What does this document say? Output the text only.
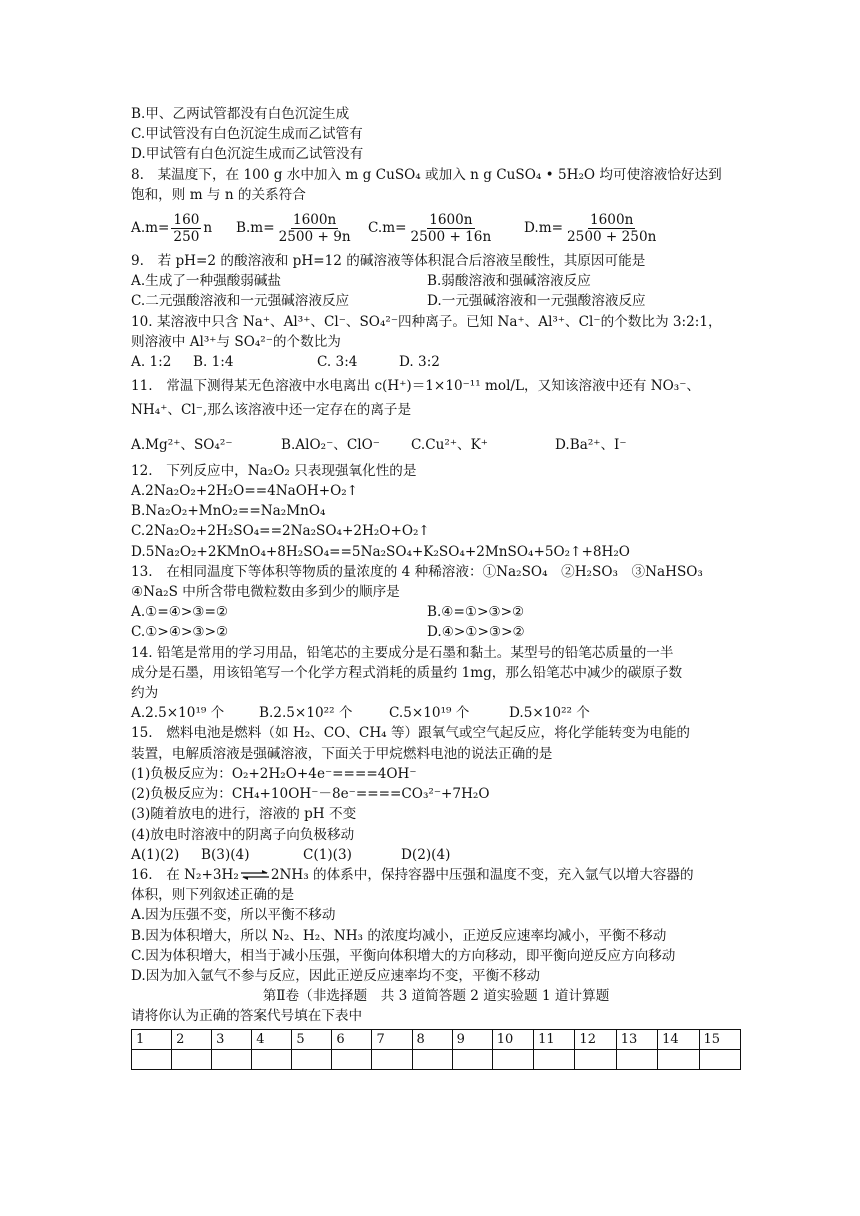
B.甲、乙两试管都没有白色沉淀生成
C.甲试管没有白色沉淀生成而乙试管有
D.甲试管有白色沉淀生成而乙试管没有
8.　某温度下，在 100 g 水中加入 m g CuSO₄ 或加入 n g CuSO₄ • 5H₂O 均可使溶液恰好达到
饱和，则 m 与 n 的关系符合
$A.m= \frac{160}{250}$ n $B.m= \frac{1600n}{2500 + 9n} C.m= \frac{1600n}{2500 + 16n} D.m= \frac{1600n}{2500 + 250n}$
9.　若 pH=2 的酸溶液和 pH=12 的碱溶液等体积混合后溶液呈酸性，其原因可能是
A.生成了一种强酸弱碱盐	B.弱酸溶液和强碱溶液反应
C.二元强酸溶液和一元强碱溶液反应	D.一元强碱溶液和一元强酸溶液反应
10. 某溶液中只含 Na⁺、Al³⁺、Cl⁻、SO₄²⁻四种离子。已知 Na⁺、Al³⁺、Cl⁻的个数比为 3:2:1，
则溶液中 Al³⁺与 SO₄²⁻的个数比为
A. 1:2	B. 1:4	C. 3:4	D. 3:2
11.　常温下测得某无色溶液中水电离出 c(H⁺)＝1×10⁻¹¹ mol/L，又知该溶液中还有 NO₃⁻、
NH₄⁺、Cl⁻,那么该溶液中还一定存在的离子是
A.Mg²⁺、SO₄²⁻	B.AlO₂⁻、ClO⁻	C.Cu²⁺、K⁺	D.Ba²⁺、I⁻
12.　下列反应中，Na₂O₂ 只表现强氧化性的是
A.2Na₂O₂+2H₂O==4NaOH+O₂↑
B.Na₂O₂+MnO₂==Na₂MnO₄
C.2Na₂O₂+2H₂SO₄==2Na₂SO₄+2H₂O+O₂↑
D.5Na₂O₂+2KMnO₄+8H₂SO₄==5Na₂SO₄+K₂SO₄+2MnSO₄+5O₂↑+8H₂O
13.　在相同温度下等体积等物质的量浓度的 4 种稀溶液：①Na₂SO₄　②H₂SO₃　③NaHSO₃
④Na₂S 中所含带电微粒数由多到少的顺序是
A.①=④>③=②	B.④=①>③>②
C.①>④>③>②	D.④>①>③>②
14. 铅笔是常用的学习用品，铅笔芯的主要成分是石墨和黏土。某型号的铅笔芯质量的一半
成分是石墨，用该铅笔写一个化学方程式消耗的质量约 1mg，那么铅笔芯中减少的碳原子数
约为
A.2.5×10¹⁹ 个	B.2.5×10²² 个	C.5×10¹⁹ 个	D.5×10²² 个
15.　燃料电池是燃料（如 H₂、CO、CH₄ 等）跟氧气或空气起反应，将化学能转变为电能的
装置，电解质溶液是强碱溶液，下面关于甲烷燃料电池的说法正确的是
(1)负极反应为：O₂+2H₂O+4e⁻====4OH⁻
(2)负极反应为：CH₄+10OH⁻－8e⁻====CO₃²⁻+7H₂O
(3)随着放电的进行，溶液的 pH 不变
(4)放电时溶液中的阴离子向负极移动
A(1)(2)	B(3)(4)	C(1)(3)	D(2)(4)
16.　在 N₂+3H₂⇌2NH₃ 的体系中，保持容器中压强和温度不变，充入氩气以增大容器的
体积，则下列叙述正确的是
A.因为压强不变，所以平衡不移动
B.因为体积增大，所以 N₂、H₂、NH₃ 的浓度均减小，正逆反应速率均减小，平衡不移动
C.因为体积增大，相当于减小压强，平衡向体积增大的方向移动，即平衡向逆反应方向移动
D.因为加入氩气不参与反应，因此正逆反应速率均不变，平衡不移动
第Ⅱ卷（非选择题　共 3 道简答题 2 道实验题 1 道计算题
请将你认为正确的答案代号填在下表中
1	2	3	4	5	6	7	8	9	10	11	12	13	14	15
